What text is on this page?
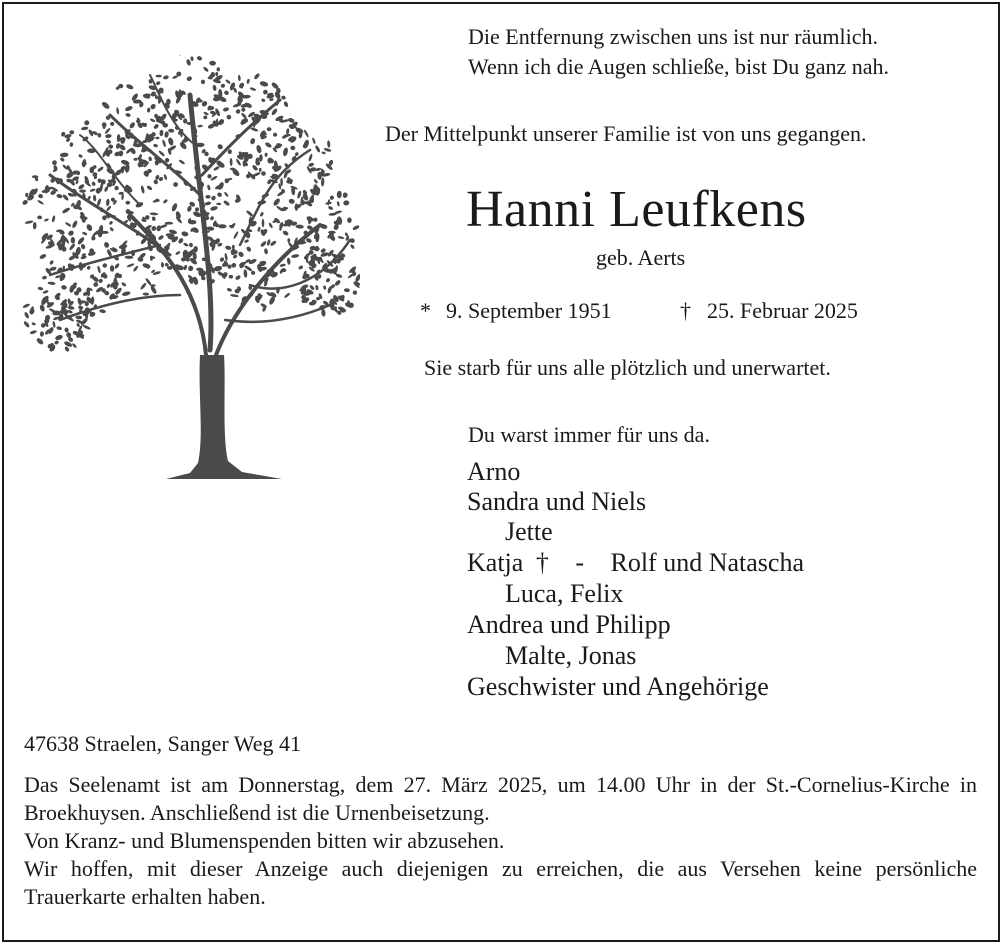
Die Entfernung zwischen uns ist nur räumlich.
Wenn ich die Augen schließe, bist Du ganz nah.
Der Mittelpunkt unserer Familie ist von uns gegangen.
Hanni Leufkens
geb. Aerts
* 9. September 1951	† 25. Februar 2025
Sie starb für uns alle plötzlich und unerwartet.
Du warst immer für uns da.
Arno
Sandra und Niels
Jette
Katja † - Rolf und Natascha
Luca, Felix
Andrea und Philipp
Malte, Jonas
Geschwister und Angehörige
47638 Straelen, Sanger Weg 41

Das Seelenamt ist am Donnerstag, dem 27. März 2025, um 14.00 Uhr in der St.-Cornelius-Kirche in Broekhuysen. Anschließend ist die Urnenbeisetzung.

Von Kranz- und Blumenspenden bitten wir abzusehen.

Wir hoffen, mit dieser Anzeige auch diejenigen zu erreichen, die aus Versehen keine persönliche Trauerkarte erhalten haben.
